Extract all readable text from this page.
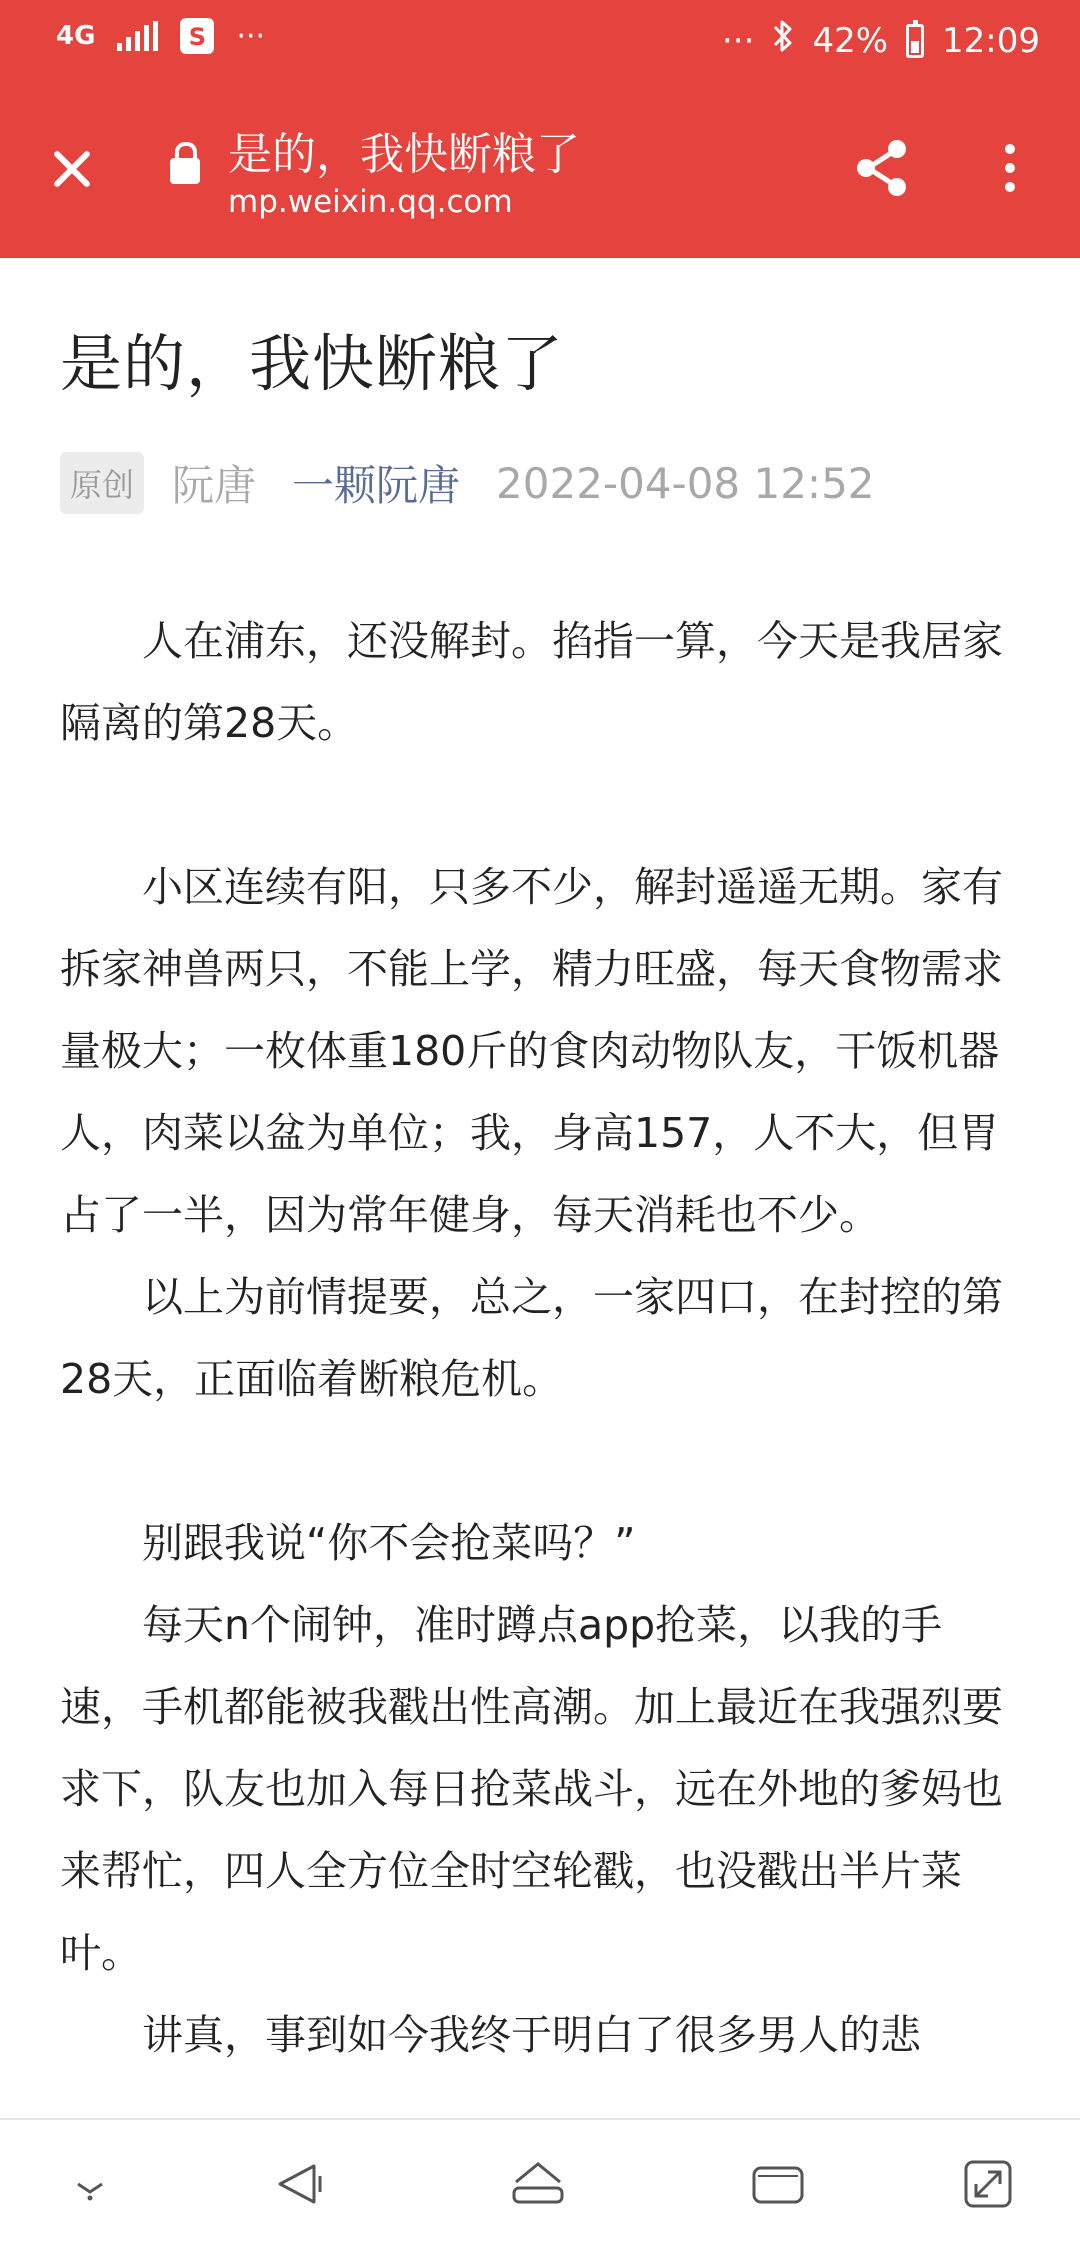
4G	S ···	··· 42% 12:09
是的，我快断粮了
mp.weixin.qq.com
是的，我快断粮了
原创 阮唐 一颗阮唐 2022-04-08 12:52

人在浦东，还没解封。掐指一算，今天是我居家隔离的第28天。

小区连续有阳，只多不少，解封遥遥无期。家有拆家神兽两只，不能上学，精力旺盛，每天食物需求量极大；一枚体重180斤的食肉动物队友，干饭机器人，肉菜以盆为单位；我，身高157，人不大，但胃占了一半，因为常年健身，每天消耗也不少。

以上为前情提要，总之，一家四口，在封控的第28天，正面临着断粮危机。

别跟我说“你不会抢菜吗？”

每天n个闹钟，准时蹲点app抢菜，以我的手速，手机都能被我戳出性高潮。加上最近在我强烈要求下，队友也加入每日抢菜战斗，远在外地的爹妈也来帮忙，四人全方位全时空轮戳，也没戳出半片菜叶。

讲真，事到如今我终于明白了很多男人的悲
